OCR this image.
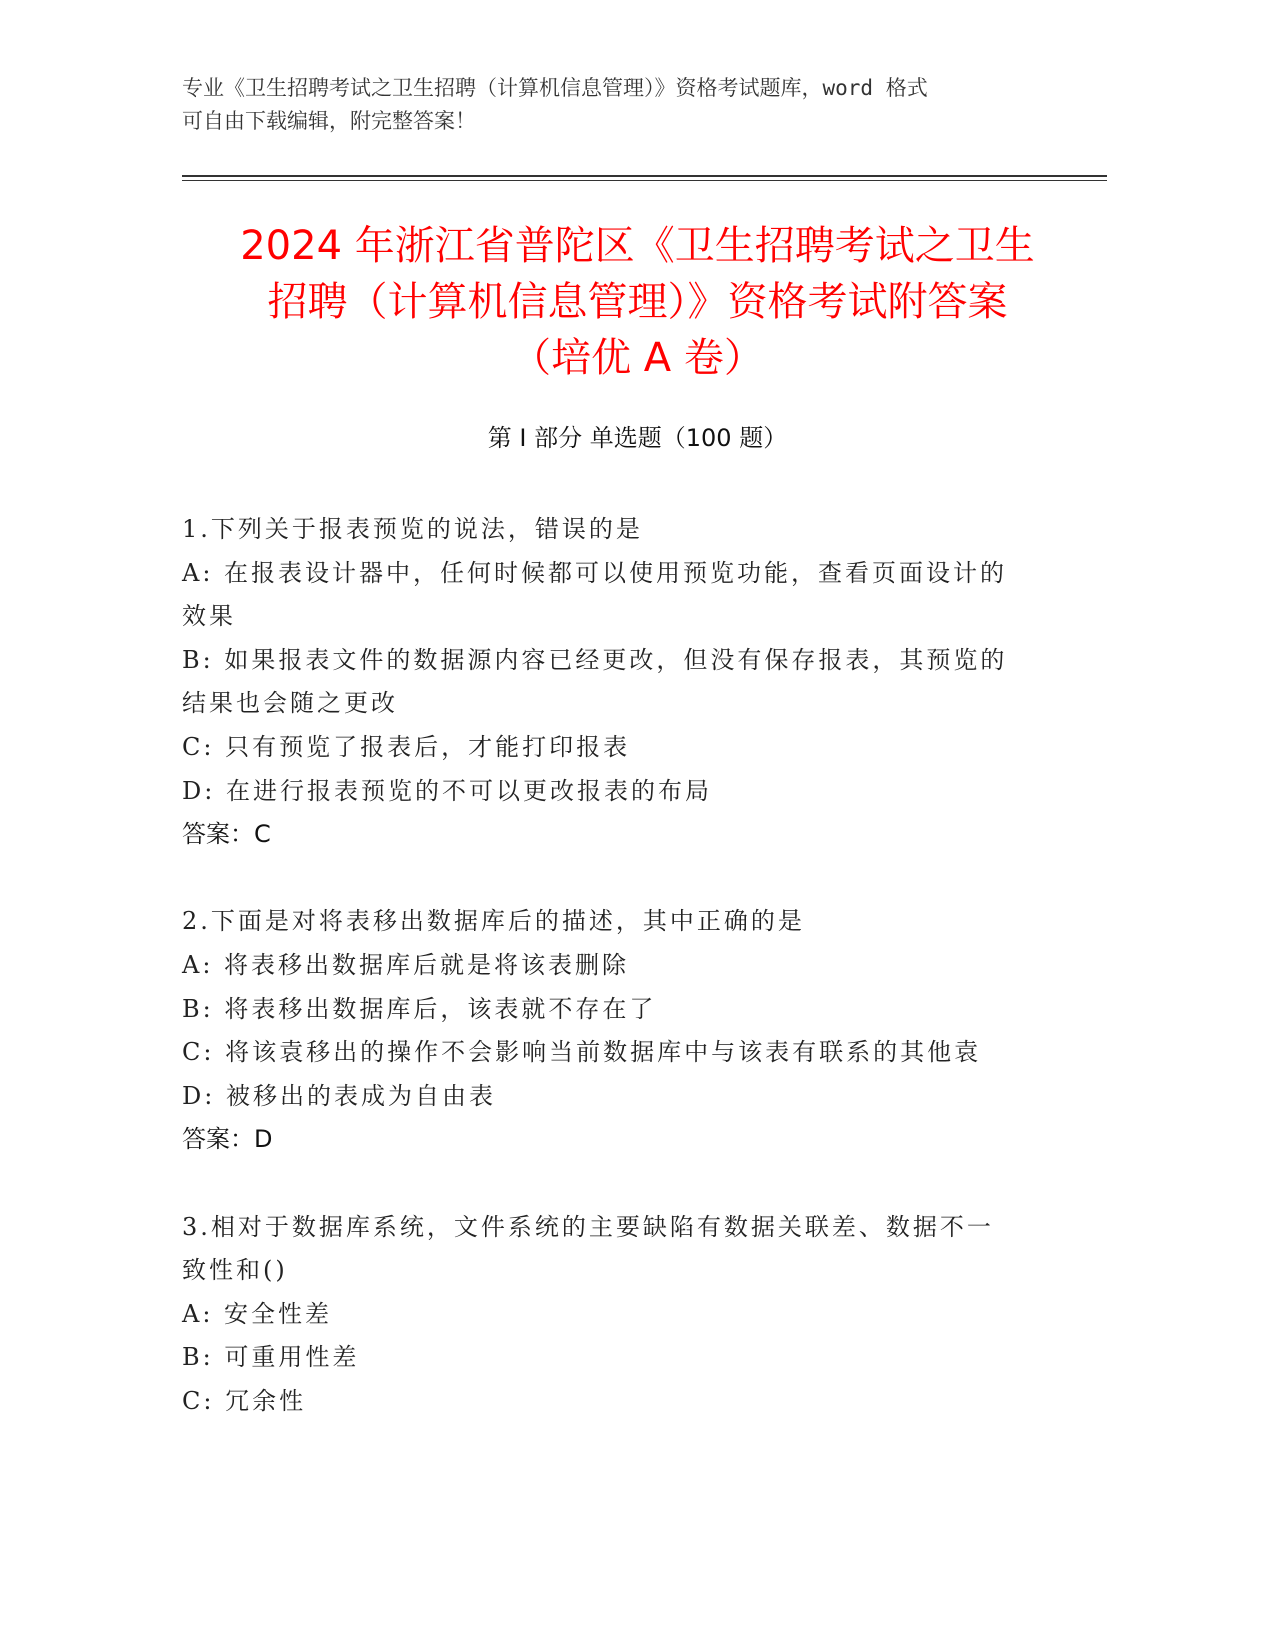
专业《卫生招聘考试之卫生招聘（计算机信息管理）》资格考试题库，word 格式
可自由下载编辑，附完整答案！
2024 年浙江省普陀区《卫生招聘考试之卫生
招聘（计算机信息管理）》资格考试附答案
（培优 A 卷）
第 I 部分 单选题（100 题）

1.下列关于报表预览的说法，错误的是

A: 在报表设计器中，任何时候都可以使用预览功能，查看页面设计的

效果

B: 如果报表文件的数据源内容已经更改，但没有保存报表，其预览的

结果也会随之更改

C: 只有预览了报表后，才能打印报表

D: 在进行报表预览的不可以更改报表的布局

答案：C

2.下面是对将表移出数据库后的描述，其中正确的是

A: 将表移出数据库后就是将该表删除

B: 将表移出数据库后，该表就不存在了

C: 将该袁移出的操作不会影响当前数据库中与该表有联系的其他袁

D: 被移出的表成为自由表

答案：D

3.相对于数据库系统，文件系统的主要缺陷有数据关联差、数据不一

致性和()

A: 安全性差

B: 可重用性差

C: 冗余性
